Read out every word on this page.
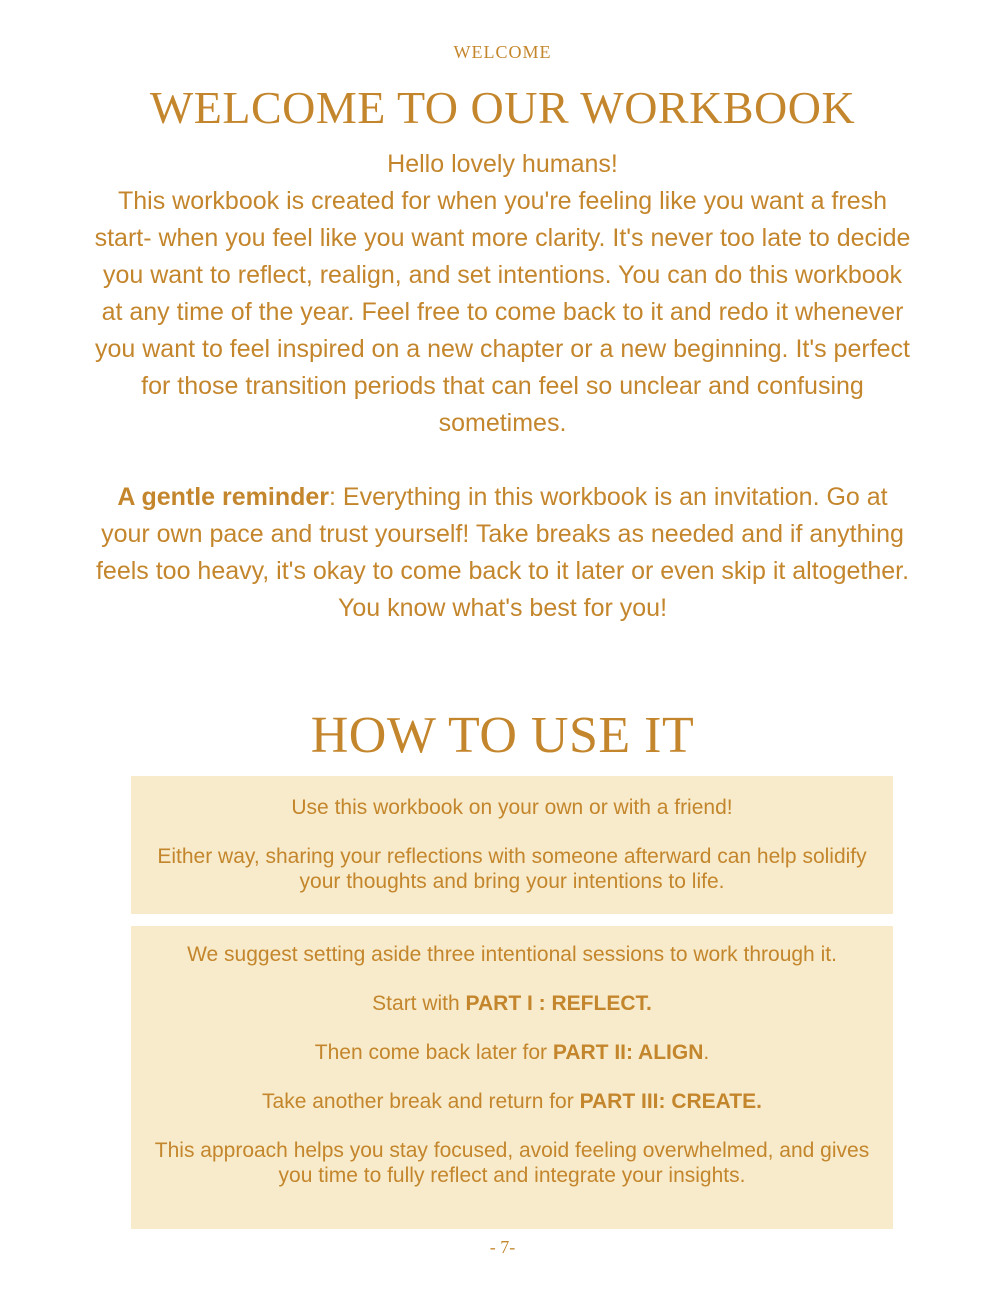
WELCOME
WELCOME TO OUR WORKBOOK

Hello lovely humans!

This workbook is created for when you're feeling like you want a fresh start- when you feel like you want more clarity. It's never too late to decide you want to reflect, realign, and set intentions. You can do this workbook at any time of the year. Feel free to come back to it and redo it whenever you want to feel inspired on a new chapter or a new beginning. It's perfect for those transition periods that can feel so unclear and confusing sometimes.

A gentle reminder: Everything in this workbook is an invitation. Go at your own pace and trust yourself! Take breaks as needed and if anything feels too heavy, it's okay to come back to it later or even skip it altogether. You know what's best for you!

HOW TO USE IT

Use this workbook on your own or with a friend!

Either way, sharing your reflections with someone afterward can help solidify your thoughts and bring your intentions to life.

We suggest setting aside three intentional sessions to work through it.

Start with PART I : REFLECT.

Then come back later for PART II: ALIGN.

Take another break and return for PART III: CREATE.

This approach helps you stay focused, avoid feeling overwhelmed, and gives you time to fully reflect and integrate your insights.

- 7-
